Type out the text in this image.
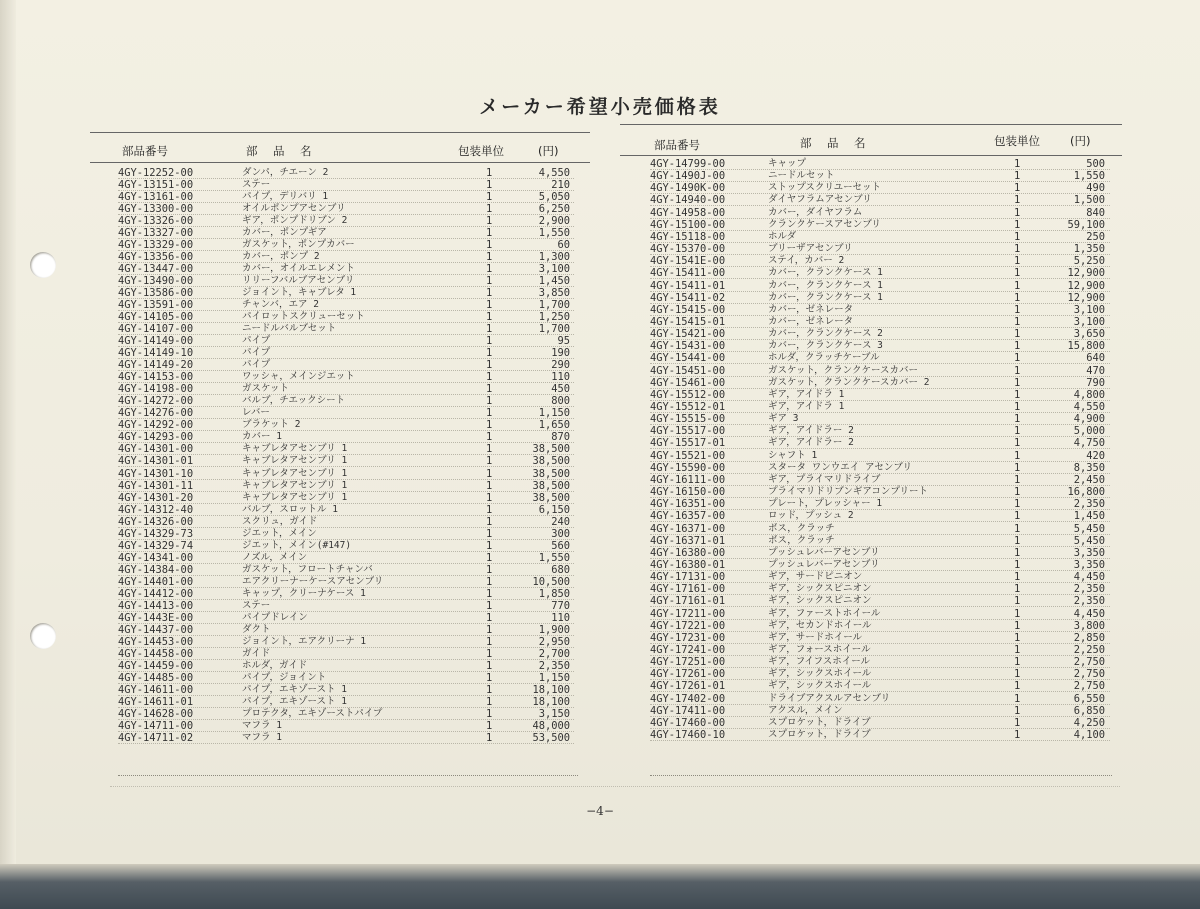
メーカー希望小売価格表
部品番号	部　品　名	包装単位	(円)
4GY-12252-00	ダンパ，チエーン 2	1	4,550
4GY-13151-00	ステー	1	210
4GY-13161-00	パイプ，デリバリ 1	1	5,050
4GY-13300-00	オイルポンプアセンブリ	1	6,250
4GY-13326-00	ギア，ポンプドリブン 2	1	2,900
4GY-13327-00	カバー，ポンプギア	1	1,550
4GY-13329-00	ガスケット，ポンプカバー	1	60
4GY-13356-00	カバー，ポンプ 2	1	1,300
4GY-13447-00	カバー，オイルエレメント	1	3,100
4GY-13490-00	リリーフバルブアセンブリ	1	1,450
4GY-13586-00	ジョイント，キャブレタ 1	1	3,850
4GY-13591-00	チャンバ，エア 2	1	1,700
4GY-14105-00	パイロットスクリューセット	1	1,250
4GY-14107-00	ニードルバルブセット	1	1,700
4GY-14149-00	パイプ	1	95
4GY-14149-10	パイプ	1	190
4GY-14149-20	パイプ	1	290
4GY-14153-00	ワッシャ，メインジエット	1	110
4GY-14198-00	ガスケット	1	450
4GY-14272-00	バルブ，チエックシート	1	800
4GY-14276-00	レバー	1	1,150
4GY-14292-00	ブラケット 2	1	1,650
4GY-14293-00	カバー 1	1	870
4GY-14301-00	キャブレタアセンブリ 1	1	38,500
4GY-14301-01	キャブレタアセンブリ 1	1	38,500
4GY-14301-10	キャブレタアセンブリ 1	1	38,500
4GY-14301-11	キャブレタアセンブリ 1	1	38,500
4GY-14301-20	キャブレタアセンブリ 1	1	38,500
4GY-14312-40	バルブ，スロットル 1	1	6,150
4GY-14326-00	スクリュ，ガイド	1	240
4GY-14329-73	ジエット，メイン	1	300
4GY-14329-74	ジエット，メイン(#147)	1	560
4GY-14341-00	ノズル，メイン	1	1,550
4GY-14384-00	ガスケット，フロートチャンバ	1	680
4GY-14401-00	エアクリーナーケースアセンブリ	1	10,500
4GY-14412-00	キャップ，クリーナケース 1	1	1,850
4GY-14413-00	ステー	1	770
4GY-1443E-00	パイプドレイン	1	110
4GY-14437-00	ダクト	1	1,900
4GY-14453-00	ジョイント，エアクリーナ 1	1	2,950
4GY-14458-00	ガイド	1	2,700
4GY-14459-00	ホルダ，ガイド	1	2,350
4GY-14485-00	パイプ，ジョイント	1	1,150
4GY-14611-00	パイプ，エキゾースト 1	1	18,100
4GY-14611-01	パイプ，エキゾースト 1	1	18,100
4GY-14628-00	プロテクタ，エキゾーストパイプ	1	3,150
4GY-14711-00	マフラ 1	1	48,000
4GY-14711-02	マフラ 1	1	53,500
部品番号	部　品　名	包装単位	(円)
4GY-14799-00	キャップ	1	500
4GY-1490J-00	ニードルセット	1	1,550
4GY-1490K-00	ストップスクリユーセット	1	490
4GY-14940-00	ダイヤフラムアセンブリ	1	1,500
4GY-14958-00	カバー，ダイヤフラム	1	840
4GY-15100-00	クランクケースアセンブリ	1	59,100
4GY-15118-00	ホルダ	1	250
4GY-15370-00	ブリーザアセンブリ	1	1,350
4GY-1541E-00	ステイ，カバー 2	1	5,250
4GY-15411-00	カバー，クランクケース 1	1	12,900
4GY-15411-01	カバー，クランクケース 1	1	12,900
4GY-15411-02	カバー，クランクケース 1	1	12,900
4GY-15415-00	カバー，ゼネレータ	1	3,100
4GY-15415-01	カバー，ゼネレータ	1	3,100
4GY-15421-00	カバー，クランクケース 2	1	3,650
4GY-15431-00	カバー，クランクケース 3	1	15,800
4GY-15441-00	ホルダ，クラッチケーブル	1	640
4GY-15451-00	ガスケット，クランクケースカバー	1	470
4GY-15461-00	ガスケット，クランクケースカバー 2	1	790
4GY-15512-00	ギア，アイドラ 1	1	4,800
4GY-15512-01	ギア，アイドラ 1	1	4,550
4GY-15515-00	ギア 3	1	4,900
4GY-15517-00	ギア，アイドラー 2	1	5,000
4GY-15517-01	ギア，アイドラー 2	1	4,750
4GY-15521-00	シャフト 1	1	420
4GY-15590-00	スタータ ワンウエイ アセンブリ	1	8,350
4GY-16111-00	ギア，プライマリドライブ	1	2,450
4GY-16150-00	プライマリドリブンギアコンプリート	1	16,800
4GY-16351-00	プレート，プレッシャー 1	1	2,350
4GY-16357-00	ロッド，プッシュ 2	1	1,450
4GY-16371-00	ボス，クラッチ	1	5,450
4GY-16371-01	ボス，クラッチ	1	5,450
4GY-16380-00	プッシュレバーアセンブリ	1	3,350
4GY-16380-01	プッシュレバーアセンブリ	1	3,350
4GY-17131-00	ギア，サードピニオン	1	4,450
4GY-17161-00	ギア，シックスピニオン	1	2,350
4GY-17161-01	ギア，シックスピニオン	1	2,350
4GY-17211-00	ギア，ファーストホイール	1	4,450
4GY-17221-00	ギア，セカンドホイール	1	3,800
4GY-17231-00	ギア，サードホイール	1	2,850
4GY-17241-00	ギア，フォースホイール	1	2,250
4GY-17251-00	ギア，フイフスホイール	1	2,750
4GY-17261-00	ギア，シックスホイール	1	2,750
4GY-17261-01	ギア，シックスホイール	1	2,750
4GY-17402-00	ドライブアクスルアセンブリ	1	6,550
4GY-17411-00	アクスル，メイン	1	6,850
4GY-17460-00	スプロケット，ドライブ	1	4,250
4GY-17460-10	スプロケット，ドライブ	1	4,100
−4−
